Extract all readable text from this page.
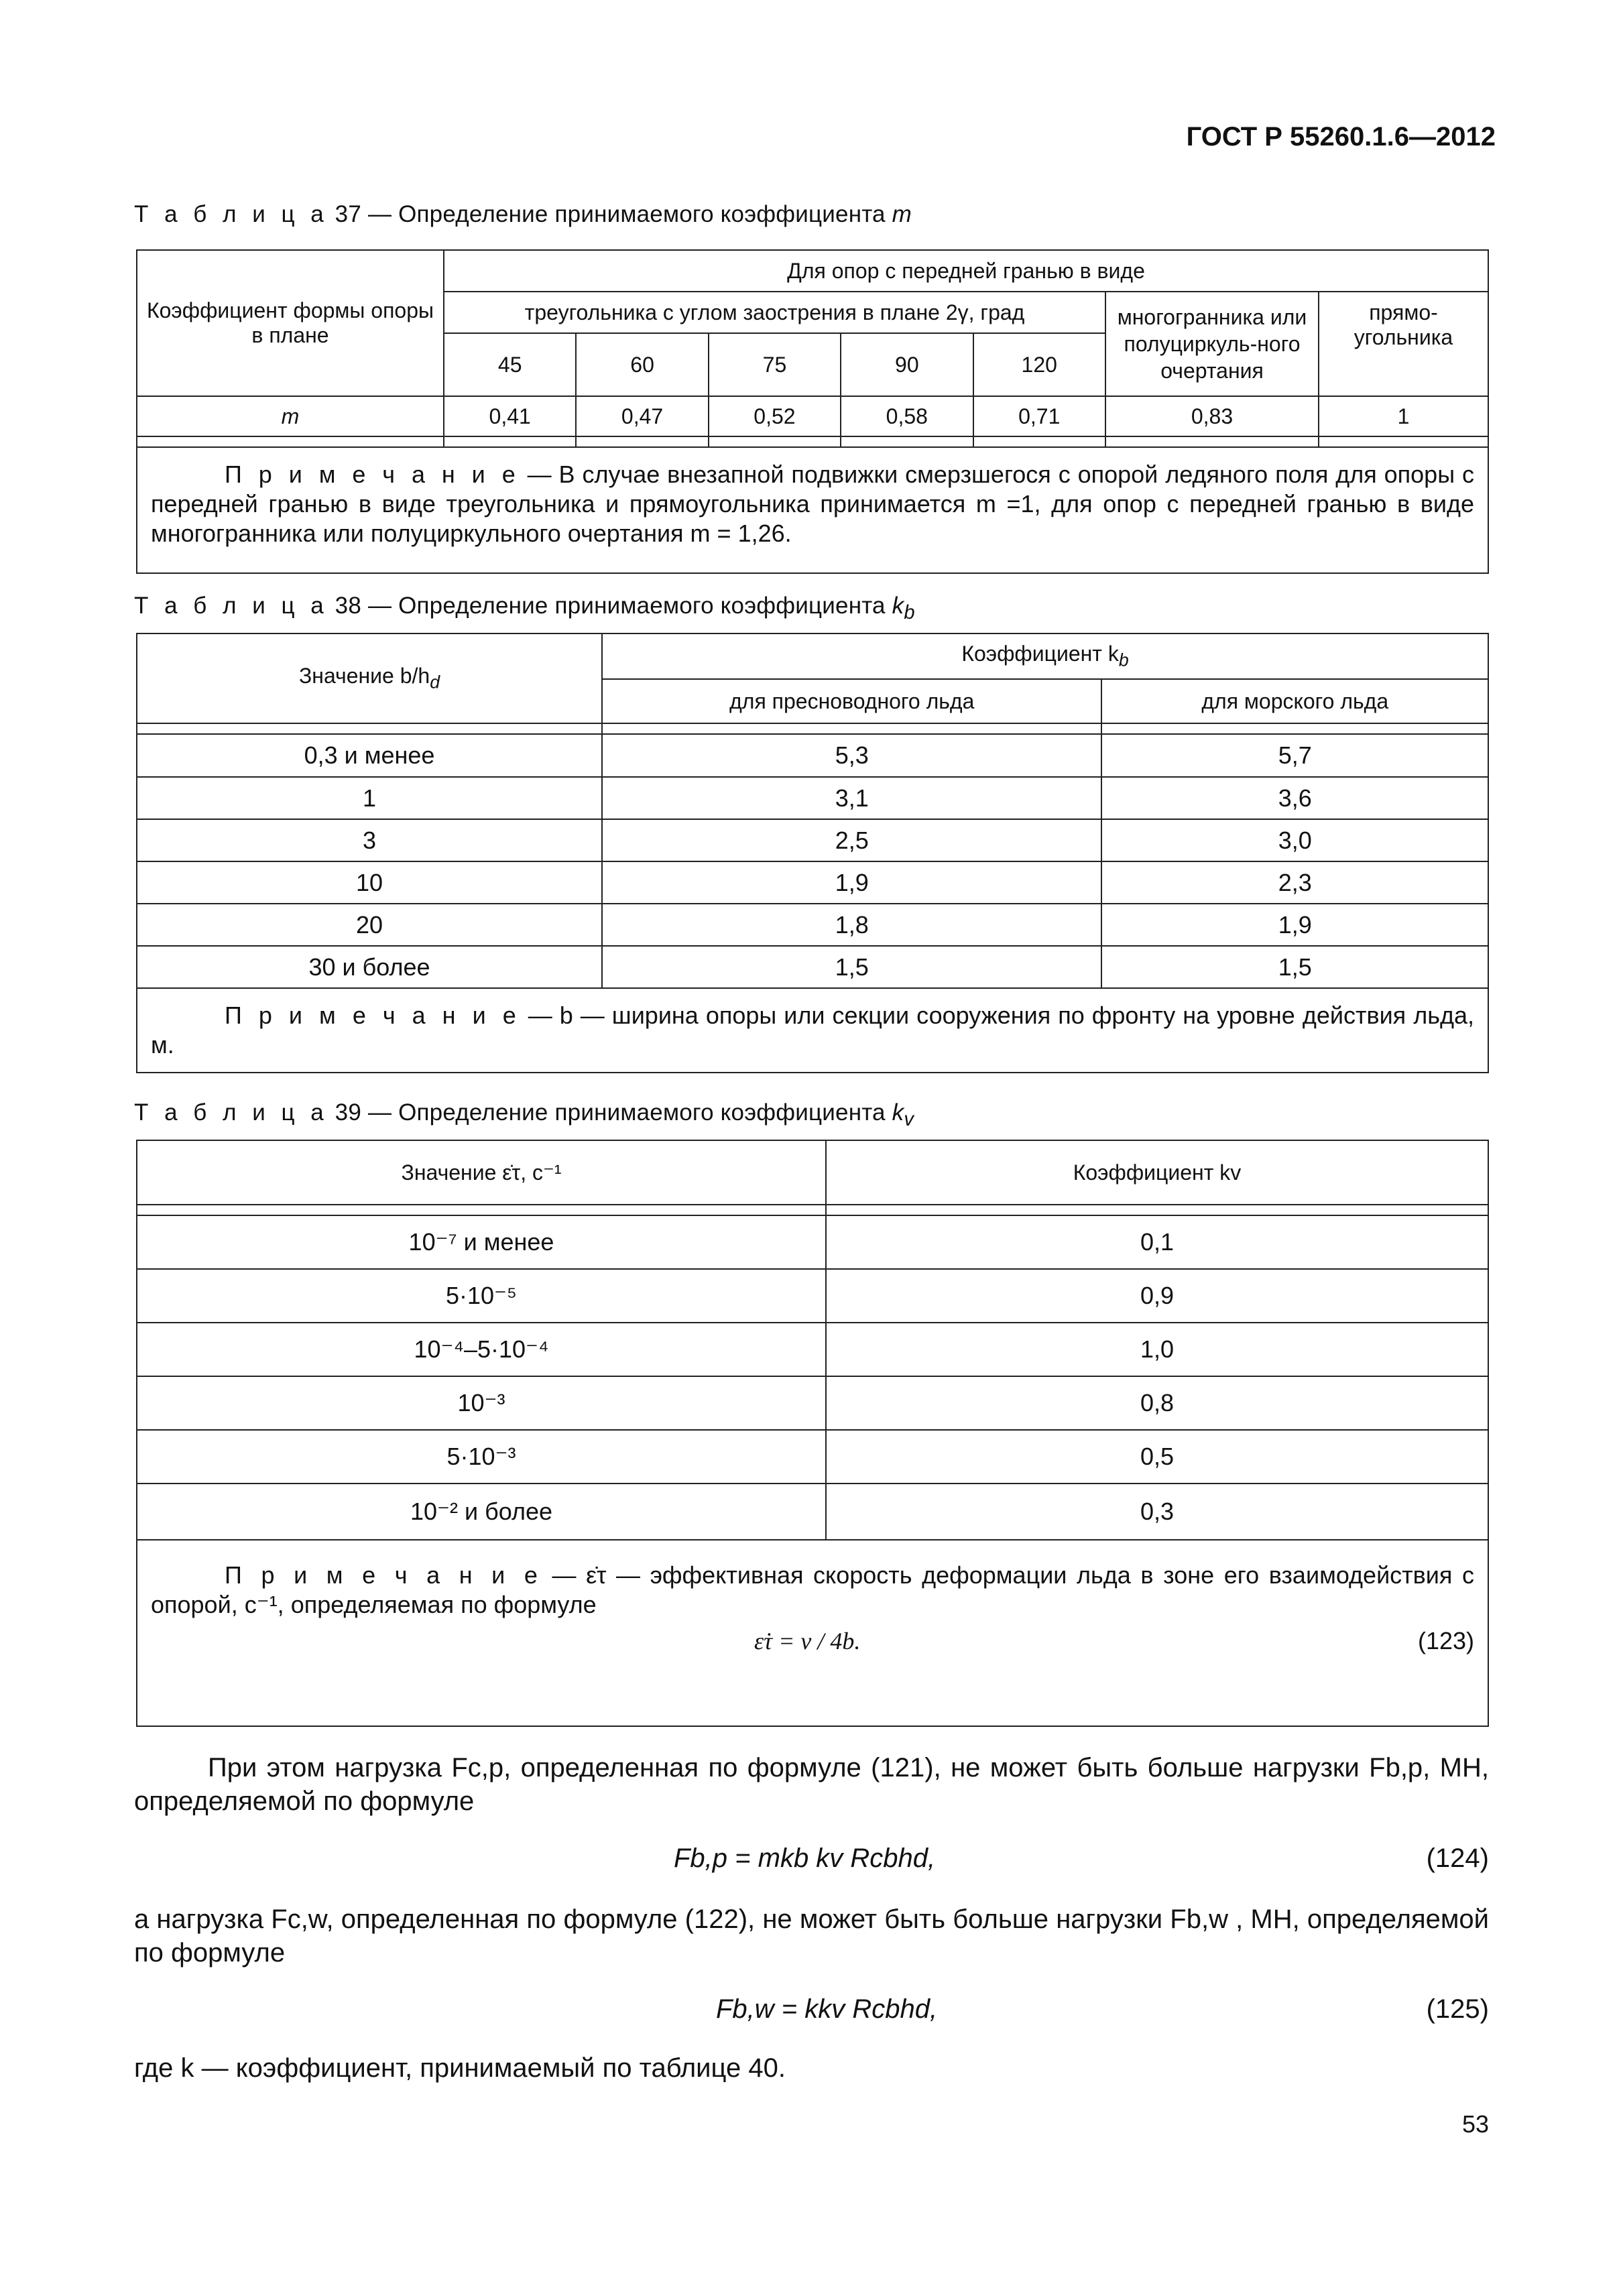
ГОСТ Р 55260.1.6—2012
Т а б л и ц а 37 — Определение принимаемого коэффициента m
Коэффициент формы опоры в плане	Для опор с передней гранью в виде						
	треугольника с углом заострения в плане 2γ, град					многогранника или полуциркуль-ного очертания	прямо-угольника
	45	60	75	90	120		
m	0,41	0,47	0,52	0,58	0,71	0,83	1

П р и м е ч а н и е — В случае внезапной подвижки смерзшегося с опорой ледяного поля для опоры с передней гранью в виде треугольника и прямоугольника принимается m =1, для опор с передней гранью в виде многогранника или полуциркульного очертания m = 1,26.							
Т а б л и ц а 38 — Определение принимаемого коэффициента $k_b$
Значение $b/h_d$	Коэффициент $k_b$
	для пресноводного льда	для морского льда

0,3 и менее	5,3	5,7
1	3,1	3,6
3	2,5	3,0
10	1,9	2,3
20	1,8	1,9
30 и более	1,5	1,5
П р и м е ч а н и е — b — ширина опоры или секции сооружения по фронту на уровне действия льда, м.		
Т а б л и ц а 39 — Определение принимаемого коэффициента $k_v$
Значение ε̇τ, c⁻¹	Коэффициент kv

10⁻⁷ и менее	0,1
5·10⁻⁵	0,9
10⁻⁴–5·10⁻⁴	1,0
10⁻³	0,8
5·10⁻³	0,5
10⁻² и более	0,3

П р и м е ч а н и е — ε̇τ — эффективная скорость деформации льда в зоне его взаимодействия с опорой, c⁻¹, определяемая по формуле
ε̇τ = v / 4b. (123)	
При этом нагрузка Fc,p, определенная по формуле (121), не может быть больше нагрузки Fb,p, МН, определяемой по формуле
Fb,p = mkb kv Rcbhd,	(124)
а нагрузка Fc,w, определенная по формуле (122), не может быть больше нагрузки Fb,w , МН, определяемой по формуле
Fb,w = kkv Rcbhd,	(125)
где k — коэффициент, принимаемый по таблице 40.
53
